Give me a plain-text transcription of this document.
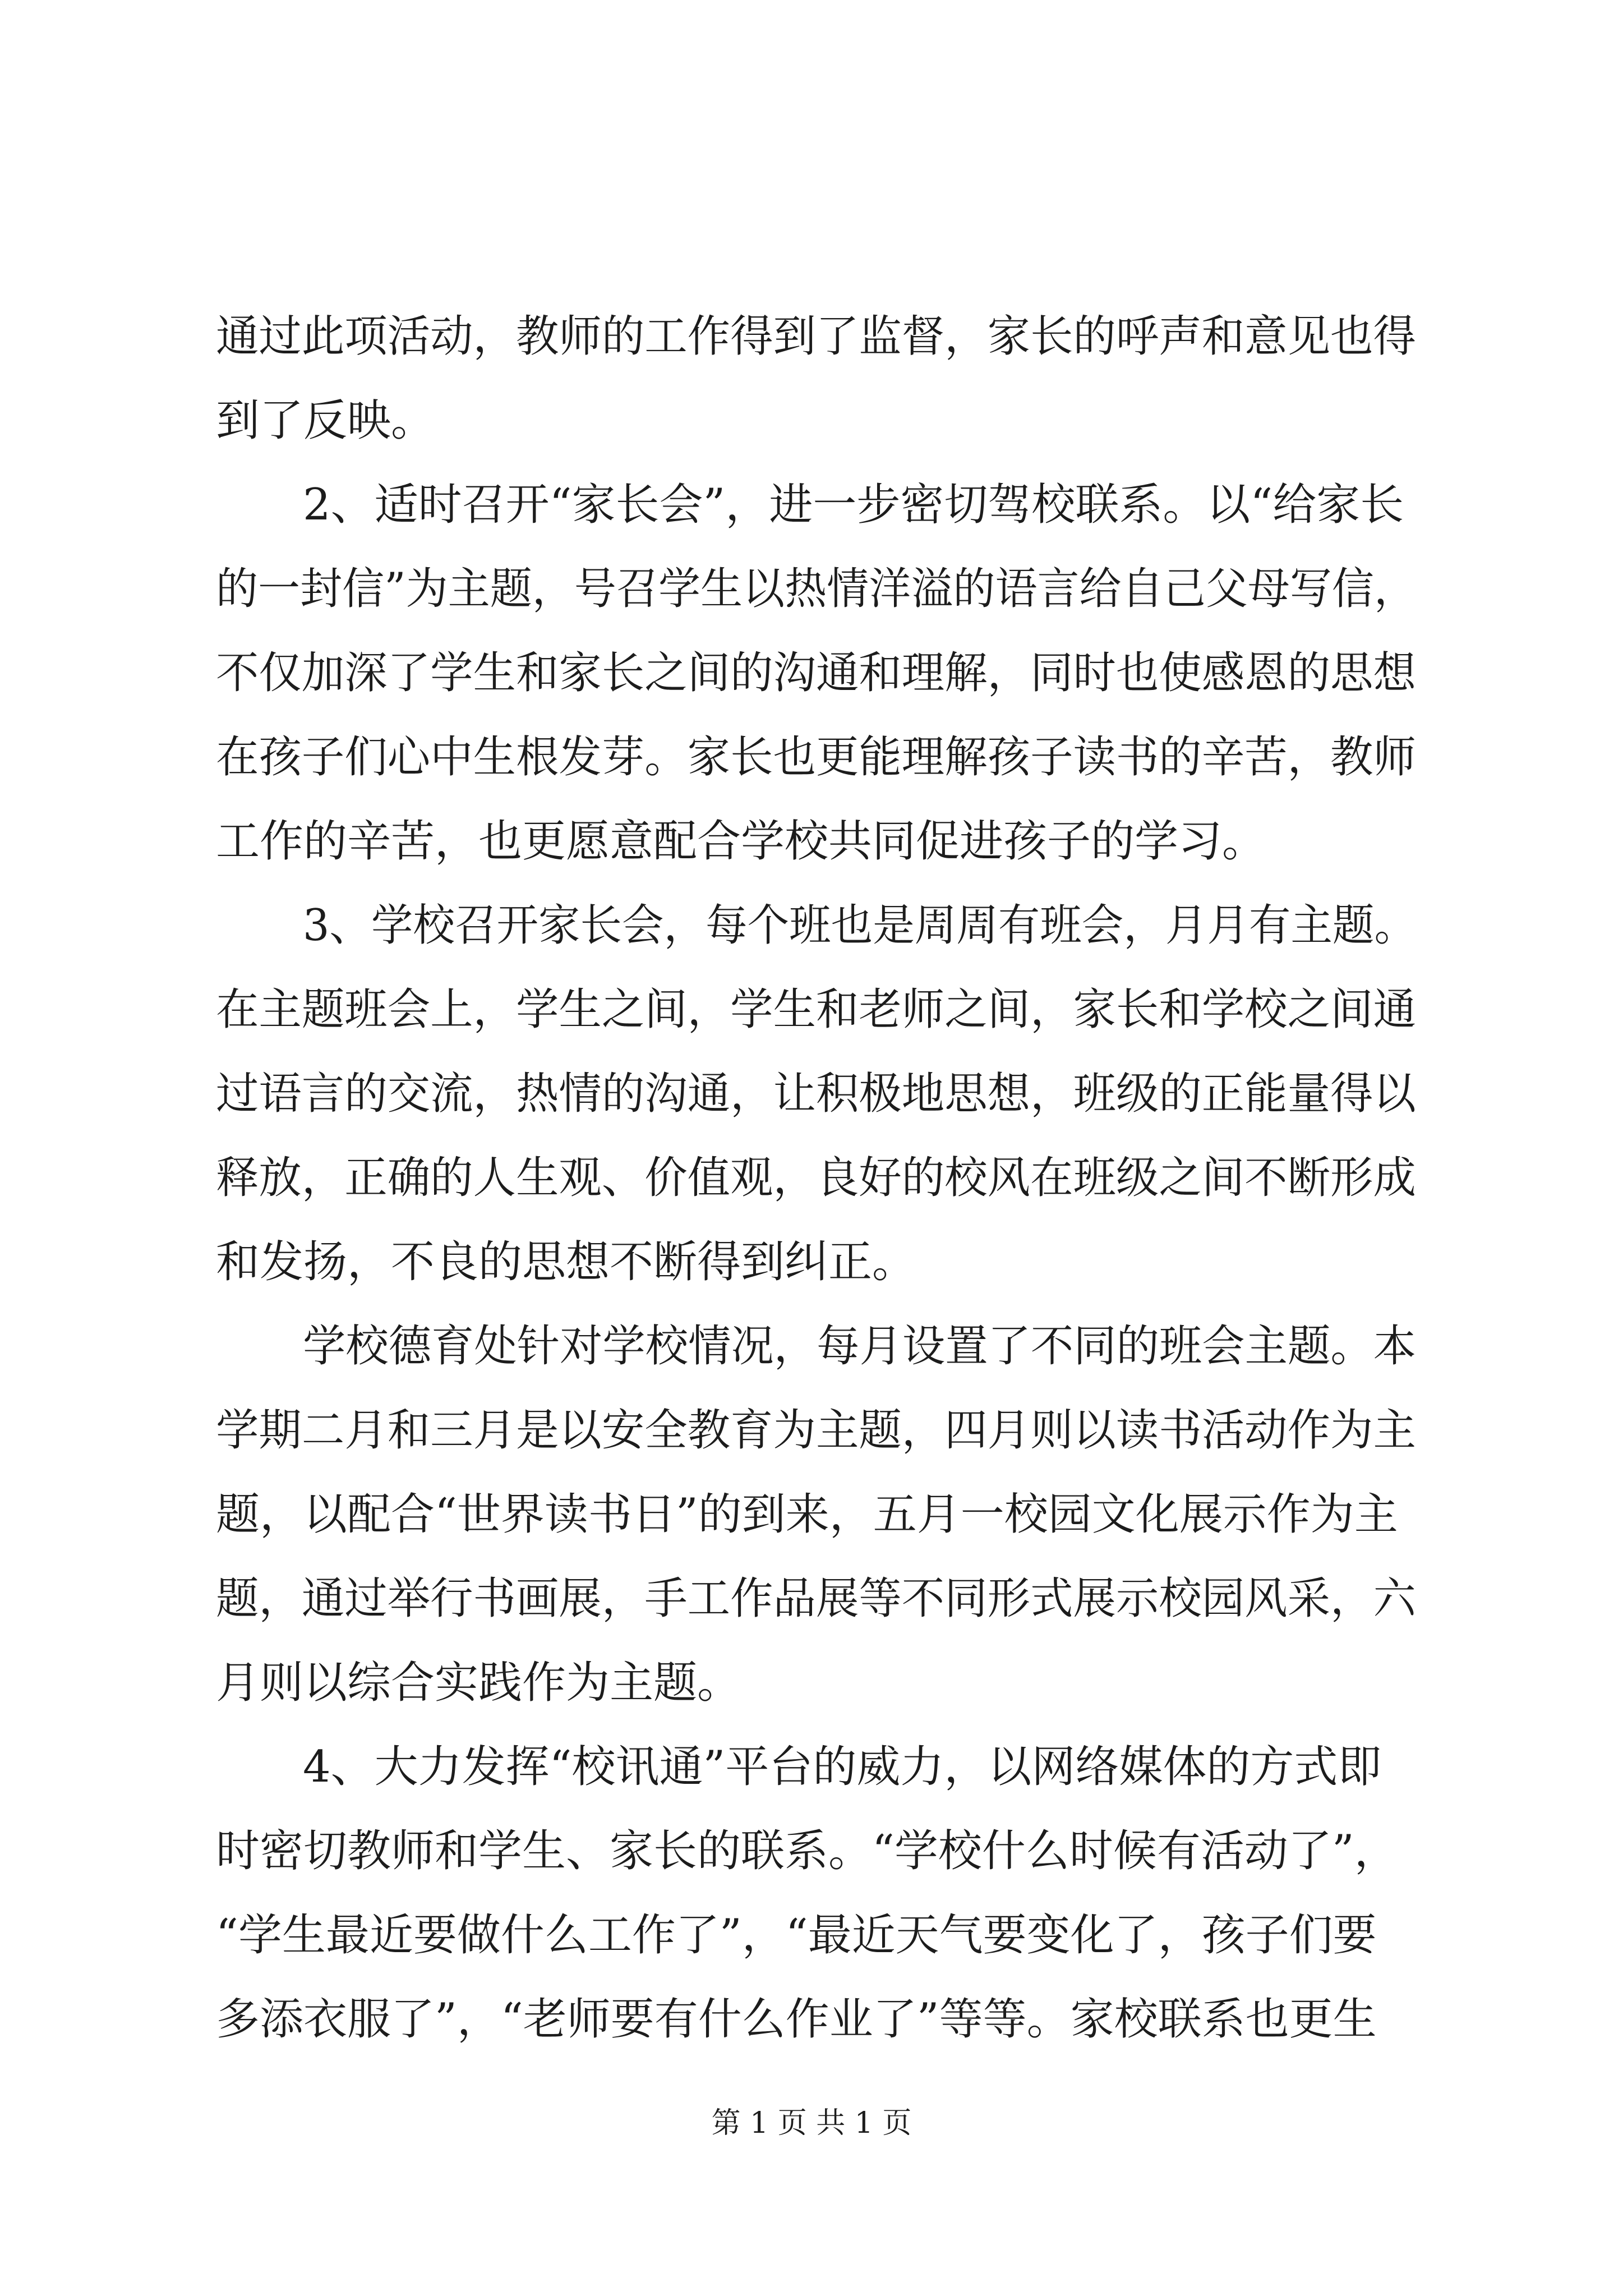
通过此项活动，教师的工作得到了监督，家长的呼声和意见也得
到了反映。
2、适时召开“家长会”，进一步密切驾校联系。以“给家长
的一封信”为主题，号召学生以热情洋溢的语言给自己父母写信，
不仅加深了学生和家长之间的沟通和理解，同时也使感恩的思想
在孩子们心中生根发芽。家长也更能理解孩子读书的辛苦，教师
工作的辛苦，也更愿意配合学校共同促进孩子的学习。
3、学校召开家长会，每个班也是周周有班会，月月有主题。
在主题班会上，学生之间，学生和老师之间，家长和学校之间通
过语言的交流，热情的沟通，让积极地思想，班级的正能量得以
释放，正确的人生观、价值观，良好的校风在班级之间不断形成
和发扬，不良的思想不断得到纠正。
学校德育处针对学校情况，每月设置了不同的班会主题。本
学期二月和三月是以安全教育为主题，四月则以读书活动作为主
题，以配合“世界读书日”的到来，五月一校园文化展示作为主
题，通过举行书画展，手工作品展等不同形式展示校园风采，六
月则以综合实践作为主题。
4、大力发挥“校讯通”平台的威力，以网络媒体的方式即
时密切教师和学生、家长的联系。“学校什么时候有活动了”，
“学生最近要做什么工作了”，“最近天气要变化了，孩子们要
多添衣服了”，“老师要有什么作业了”等等。家校联系也更生
第 1 页 共 1 页
